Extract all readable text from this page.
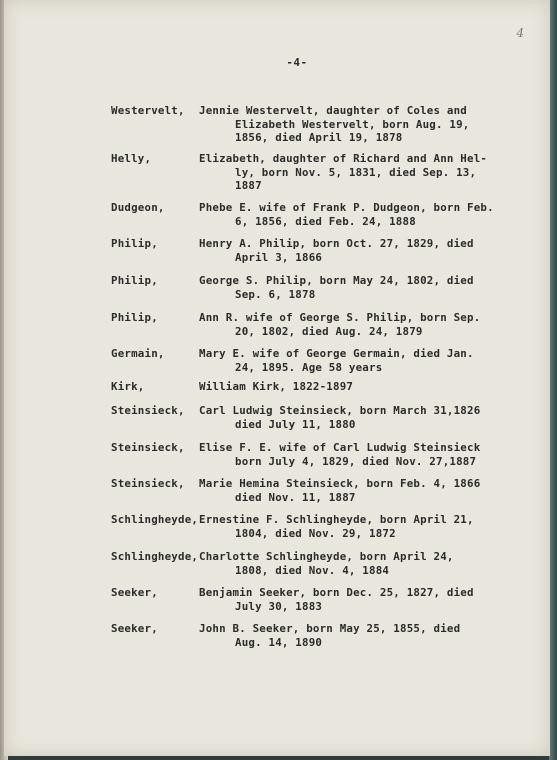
4
-4-
Westervelt,	Jennie Westervelt, daughter of Coles and
Elizabeth Westervelt, born Aug. 19,
1856, died April 19, 1878
Helly,	Elizabeth, daughter of Richard and Ann Hel-
ly, born Nov. 5, 1831, died Sep. 13,
1887
Dudgeon,	Phebe E. wife of Frank P. Dudgeon, born Feb.
6, 1856, died Feb. 24, 1888
Philip,	Henry A. Philip, born Oct. 27, 1829, died
April 3, 1866
Philip,	George S. Philip, born May 24, 1802, died
Sep. 6, 1878
Philip,	Ann R. wife of George S. Philip, born Sep.
20, 1802, died Aug. 24, 1879
Germain,	Mary E. wife of George Germain, died Jan.
24, 1895. Age 58 years
Kirk,	William Kirk, 1822-1897
Steinsieck,	Carl Ludwig Steinsieck, born March 31,1826
died July 11, 1880
Steinsieck,	Elise F. E. wife of Carl Ludwig Steinsieck
born July 4, 1829, died Nov. 27,1887
Steinsieck,	Marie Hemina Steinsieck, born Feb. 4, 1866
died Nov. 11, 1887
Schlingheyde, Ernestine F. Schlingheyde, born April 21,
1804, died Nov. 29, 1872
Schlingheyde, Charlotte Schlingheyde, born April 24,
1808, died Nov. 4, 1884
Seeker,	Benjamin Seeker, born Dec. 25, 1827, died
July 30, 1883
Seeker,	John B. Seeker, born May 25, 1855, died
Aug. 14, 1890
